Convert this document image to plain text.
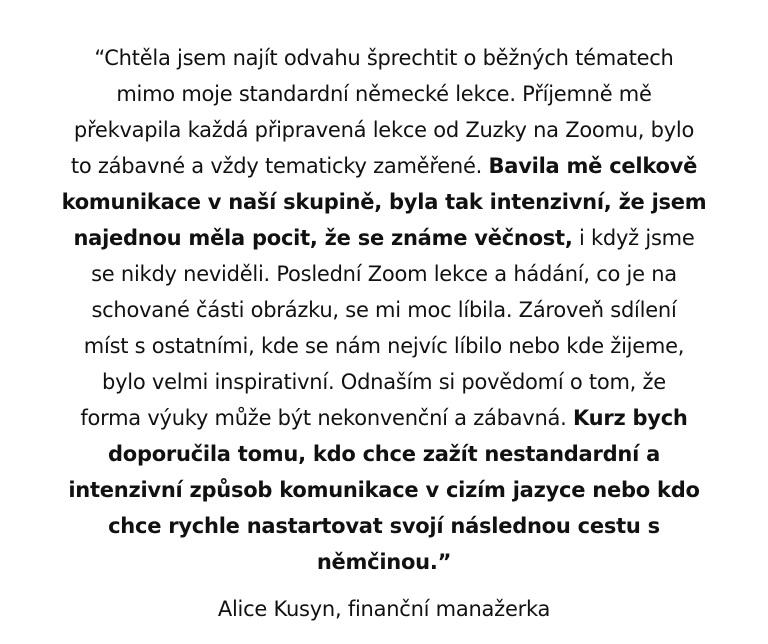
“Chtěla jsem najít odvahu šprechtit o běžných tématech
mimo moje standardní německé lekce. Příjemně mě
překvapila každá připravená lekce od Zuzky na Zoomu, bylo
to zábavné a vždy tematicky zaměřené. Bavila mě celkově
komunikace v naší skupině, byla tak intenzivní, že jsem
najednou měla pocit, že se známe věčnost, i když jsme
se nikdy neviděli. Poslední Zoom lekce a hádání, co je na
schované části obrázku, se mi moc líbila. Zároveň sdílení
míst s ostatními, kde se nám nejvíc líbilo nebo kde žijeme,
bylo velmi inspirativní. Odnaším si povědomí o tom, že
forma výuky může být nekonvenční a zábavná. Kurz bych
doporučila tomu, kdo chce zažít nestandardní a
intenzivní způsob komunikace v cizím jazyce nebo kdo
chce rychle nastartovat svojí následnou cestu s
němčinou.”

Alice Kusyn, finanční manažerka
